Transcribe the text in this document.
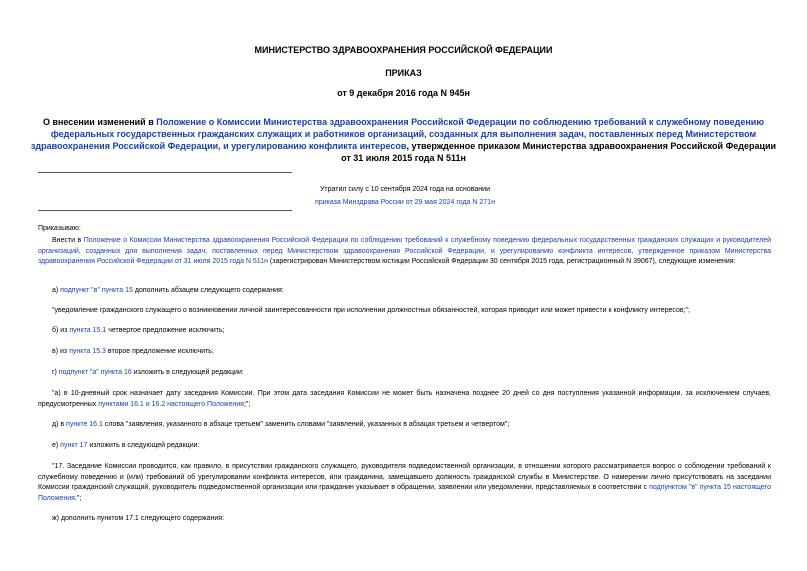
МИНИСТЕРСТВО ЗДРАВООХРАНЕНИЯ РОССИЙСКОЙ ФЕДЕРАЦИИ
ПРИКАЗ
от 9 декабря 2016 года N 945н
О внесении изменений в Положение о Комиссии Министерства здравоохранения Российской Федерации по соблюдению требований к служебному поведению федеральных государственных гражданских служащих и работников организаций, созданных для выполнения задач, поставленных перед Министерством здравоохранения Российской Федерации, и урегулированию конфликта интересов, утвержденное приказом Министерства здравоохранения Российской Федерации от 31 июля 2015 года N 511н
Утратил силу с 10 сентября 2024 года на основании
приказа Минздрава России от 29 мая 2024 года N 271н
Приказываю:
Внести в Положение о Комиссии Министерства здравоохранения Российской Федерации по соблюдению требований к служебному поведению федеральных государственных гражданских служащих и руководителей организаций, созданных для выполнения задач, поставленных перед Министерством здравоохранения Российской Федерации, и урегулированию конфликта интересов, утвержденное приказом Министерства здравоохранения Российской Федерации от 31 июля 2015 года N 511н (зарегистрирован Министерством юстиции Российской Федерации 30 сентября 2015 года, регистрационный N 39067), следующие изменения:
а) подпункт "в" пункта 15 дополнить абзацем следующего содержания:
"уведомление гражданского служащего о возникновении личной заинтересованности при исполнении должностных обязанностей, которая приводит или может привести к конфликту интересов;";
б) из пункта 15.1 четвертое предложение исключить;
в) из пункта 15.3 второе предложение исключить;
г) подпункт "а" пункта 16 изложить в следующей редакции:
"а) в 10-дневный срок назначает дату заседания Комиссии. При этом дата заседания Комиссии не может быть назначена позднее 20 дней со дня поступления указанной информации, за исключением случаев, предусмотренных пунктами 16.1 и 16.2 настоящего Положения;";
д) в пункте 16.1 слова "заявления, указанного в абзаце третьем" заменить словами "заявлений, указанных в абзацах третьем и четвертом";
е) пункт 17 изложить в следующей редакции:
"17. Заседание Комиссии проводится, как правило, в присутствии гражданского служащего, руководителя подведомственной организации, в отношении которого рассматривается вопрос о соблюдении требований к служебному поведению и (или) требований об урегулировании конфликта интересов, или гражданина, замещавшего должность гражданской службы в Министерстве. О намерении лично присутствовать на заседании Комиссии гражданский служащий, руководитель подведомственной организации или гражданин указывает в обращении, заявлении или уведомлении, представляемых в соответствии с подпунктом "в" пункта 15 настоящего Положения.";
ж) дополнить пунктом 17.1 следующего содержания:
